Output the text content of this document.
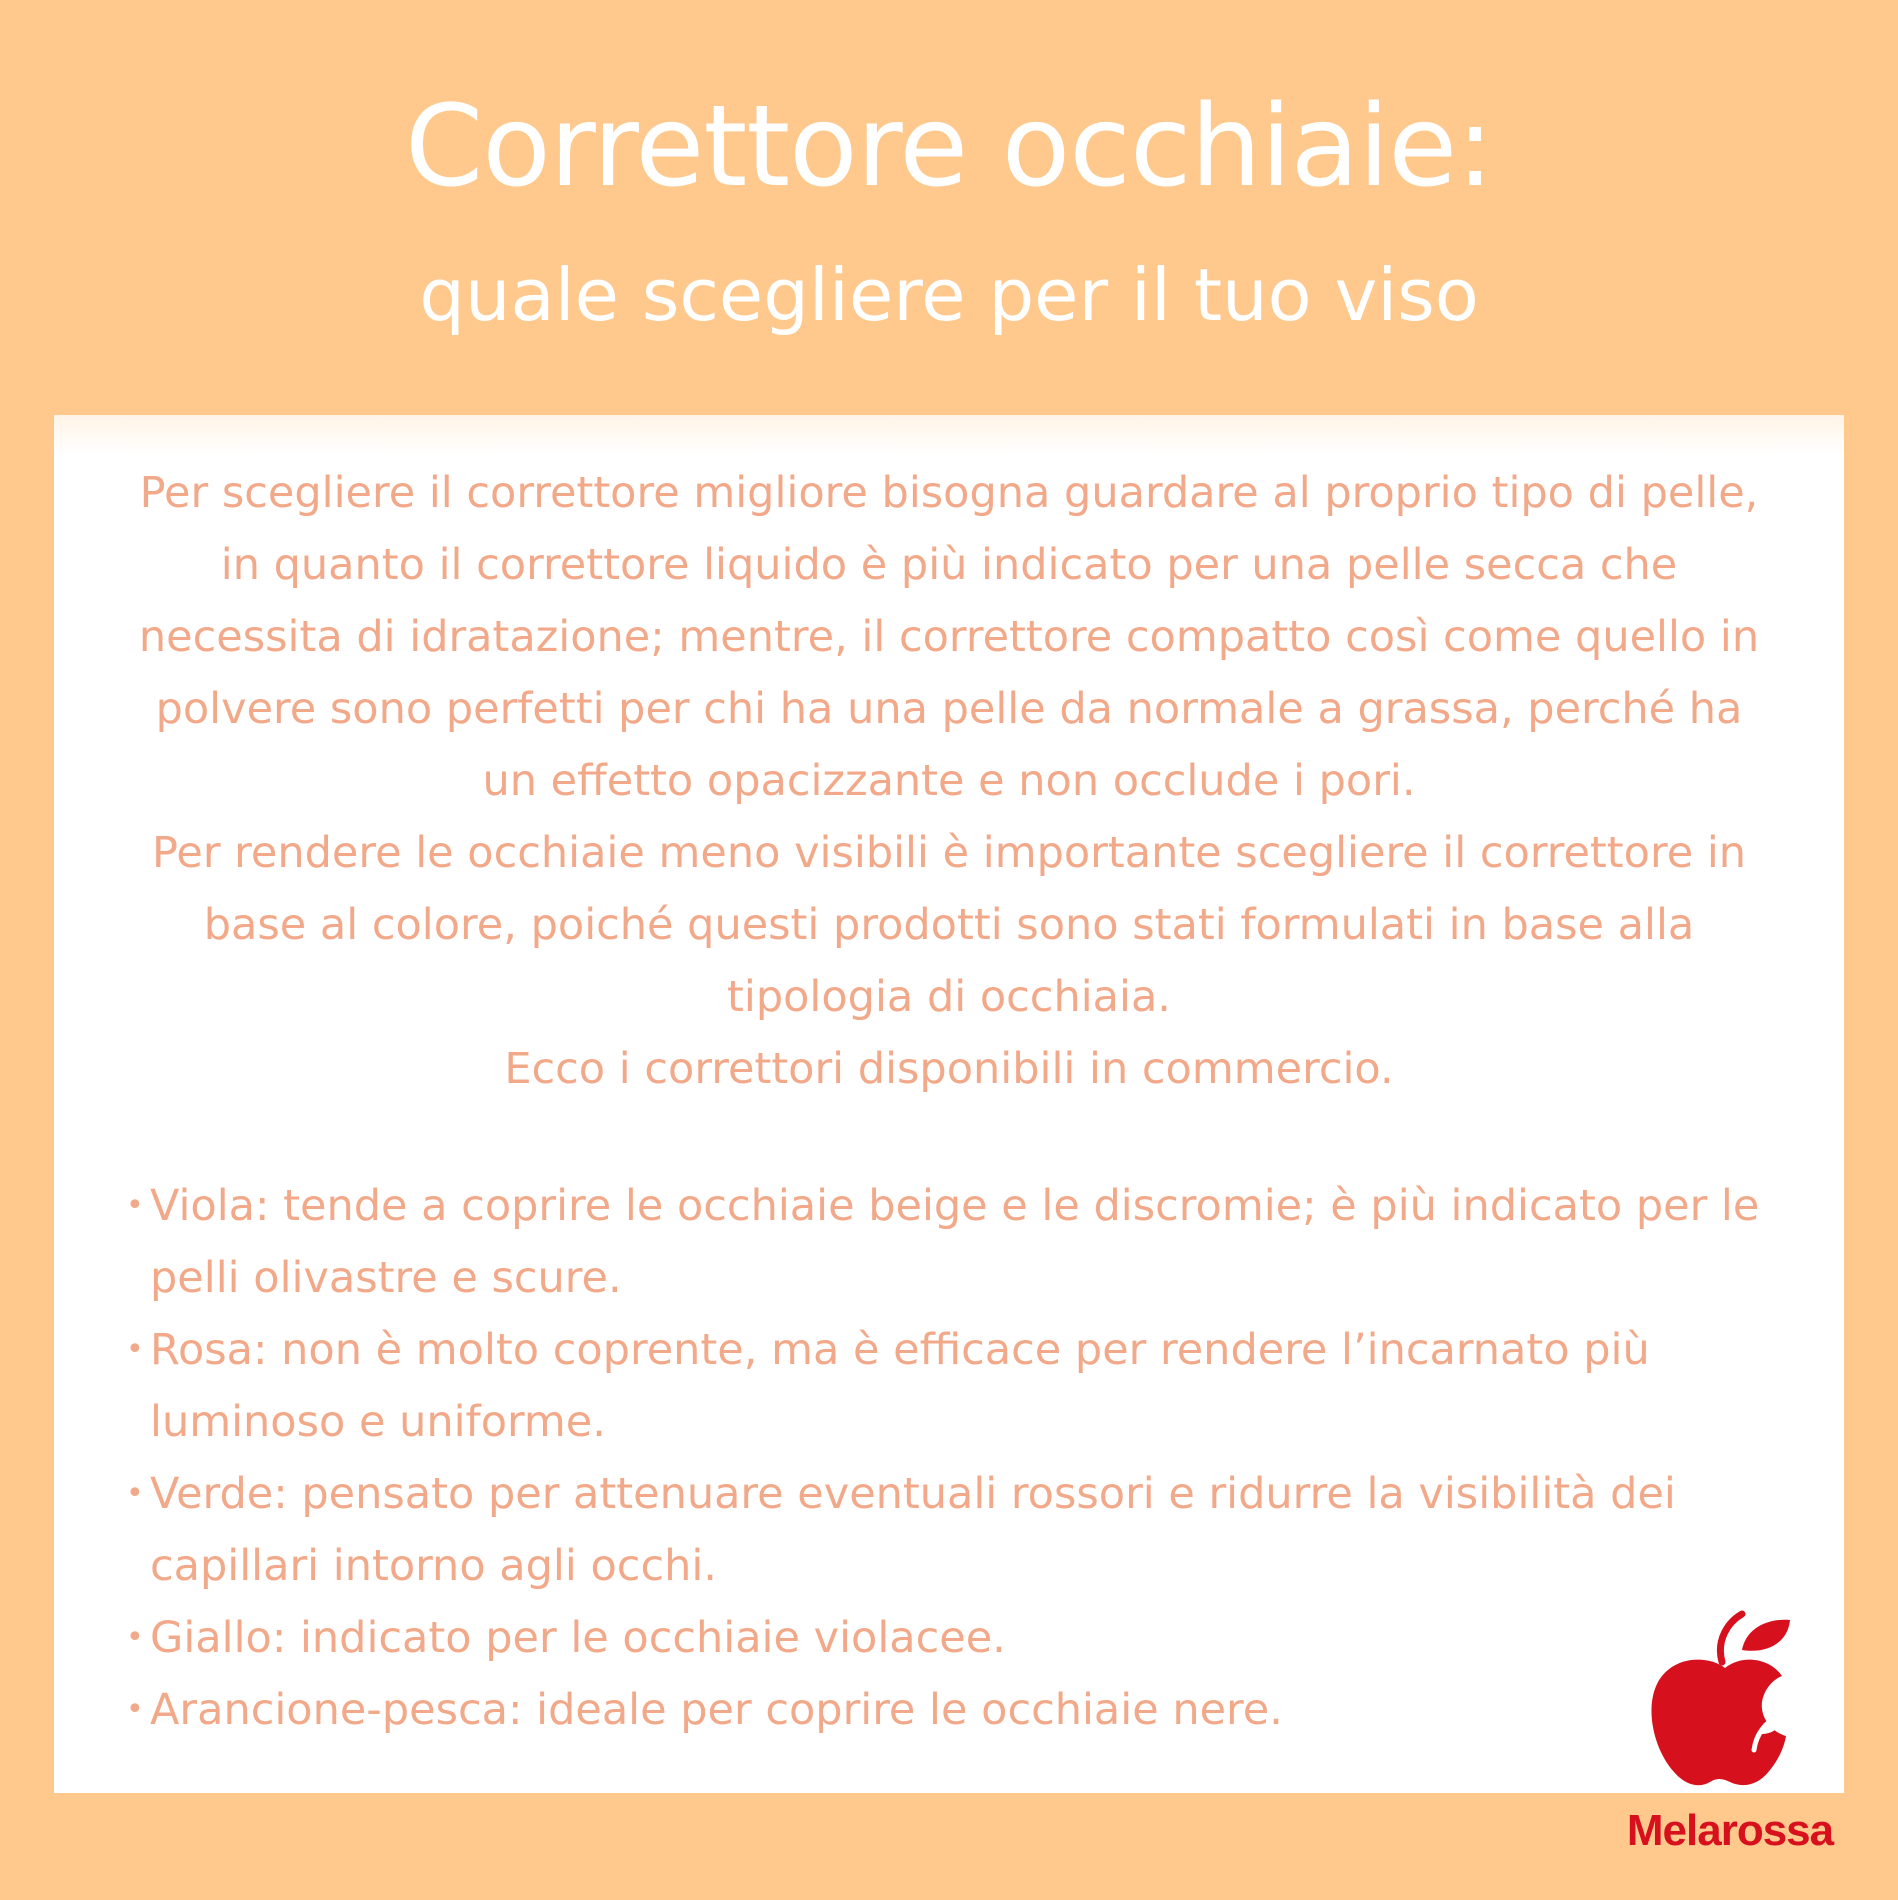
Correttore occhiaie:
quale scegliere per il tuo viso

Per scegliere il correttore migliore bisogna guardare al proprio tipo di pelle, in quanto il correttore liquido è più indicato per una pelle secca che necessita di idratazione; mentre, il correttore compatto così come quello in polvere sono perfetti per chi ha una pelle da normale a grassa, perché ha un effetto opacizzante e non occlude i pori.

Per rendere le occhiaie meno visibili è importante scegliere il correttore in base al colore, poiché questi prodotti sono stati formulati in base alla tipologia di occhiaia.

Ecco i correttori disponibili in commercio.

• Viola: tende a coprire le occhiaie beige e le discromie; è più indicato per le pelli olivastre e scure.
• Rosa: non è molto coprente, ma è efficace per rendere l’incarnato più luminoso e uniforme.
• Verde: pensato per attenuare eventuali rossori e ridurre la visibilità dei capillari intorno agli occhi.
• Giallo: indicato per le occhiaie violacee.
• Arancione-pesca: ideale per coprire le occhiaie nere.
Melarossa
